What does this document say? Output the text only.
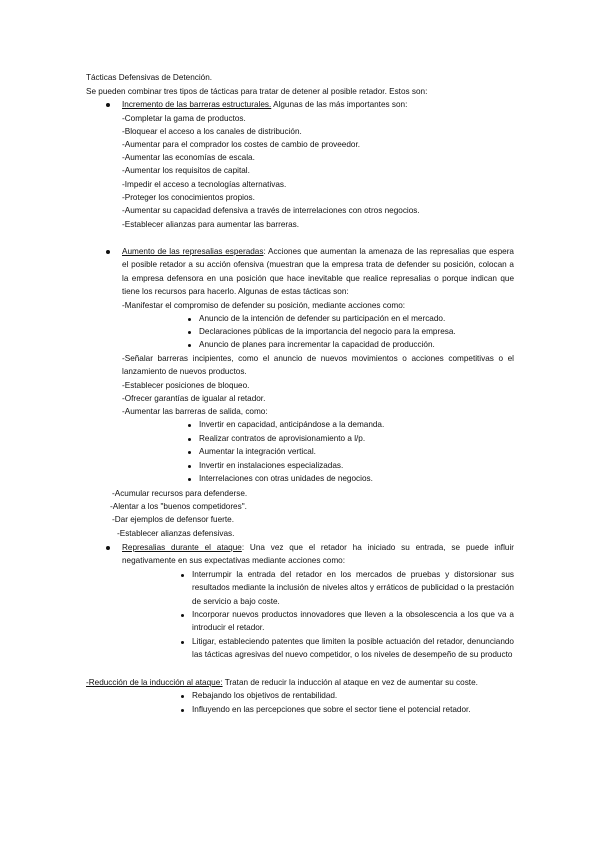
Tácticas Defensivas de Detención.
Se pueden combinar tres tipos de tácticas para tratar de detener al posible retador. Estos son:
Incremento de las barreras estructurales. Algunas de las más importantes son:
-Completar la gama de productos.
-Bloquear el acceso a los canales de distribución.
-Aumentar para el comprador los costes de cambio de proveedor.
-Aumentar las economías de escala.
-Aumentar los requisitos de capital.
-Impedir el acceso a tecnologías alternativas.
-Proteger los conocimientos propios.
-Aumentar su capacidad defensiva a través de interrelaciones con otros negocios.
-Establecer alianzas para aumentar las barreras.
Aumento de las represalias esperadas: Acciones que aumentan la amenaza de las represalias que espera el posible retador a su acción ofensiva (muestran que la empresa trata de defender su posición, colocan a la empresa defensora en una posición que hace inevitable que realice represalias o porque indican que tiene los recursos para hacerlo. Algunas de estas tácticas son:
-Manifestar el compromiso de defender su posición, mediante acciones como:
Anuncio de la intención de defender su participación en el mercado.
Declaraciones públicas de la importancia del negocio para la empresa.
Anuncio de planes para incrementar la capacidad de producción.
-Señalar barreras incipientes, como el anuncio de nuevos movimientos o acciones competitivas o el lanzamiento de nuevos productos.
-Establecer posiciones de bloqueo.
-Ofrecer garantías de igualar al retador.
-Aumentar las barreras de salida, como:
Invertir en capacidad, anticipándose a la demanda.
Realizar contratos de aprovisionamiento a l/p.
Aumentar la integración vertical.
Invertir en instalaciones especializadas.
Interrelaciones con otras unidades de negocios.
-Acumular recursos para defenderse.
-Alentar a los "buenos competidores".
-Dar ejemplos de defensor fuerte.
-Establecer alianzas defensivas.
Represalias durante el ataque: Una vez que el retador ha iniciado su entrada, se puede influir negativamente en sus expectativas mediante acciones como:
Interrumpir la entrada del retador en los mercados de pruebas y distorsionar sus resultados mediante la inclusión de niveles altos y erráticos de publicidad o la prestación de servicio a bajo coste.
Incorporar nuevos productos innovadores que lleven a la obsolescencia a los que va a introducir el retador.
Litigar, estableciendo patentes que limiten la posible actuación del retador, denunciando las tácticas agresivas del nuevo competidor, o los niveles de desempeño de su producto
-Reducción de la inducción al ataque: Tratan de reducir la inducción al ataque en vez de aumentar su coste.
Rebajando los objetivos de rentabilidad.
Influyendo en las percepciones que sobre el sector tiene el potencial retador.
